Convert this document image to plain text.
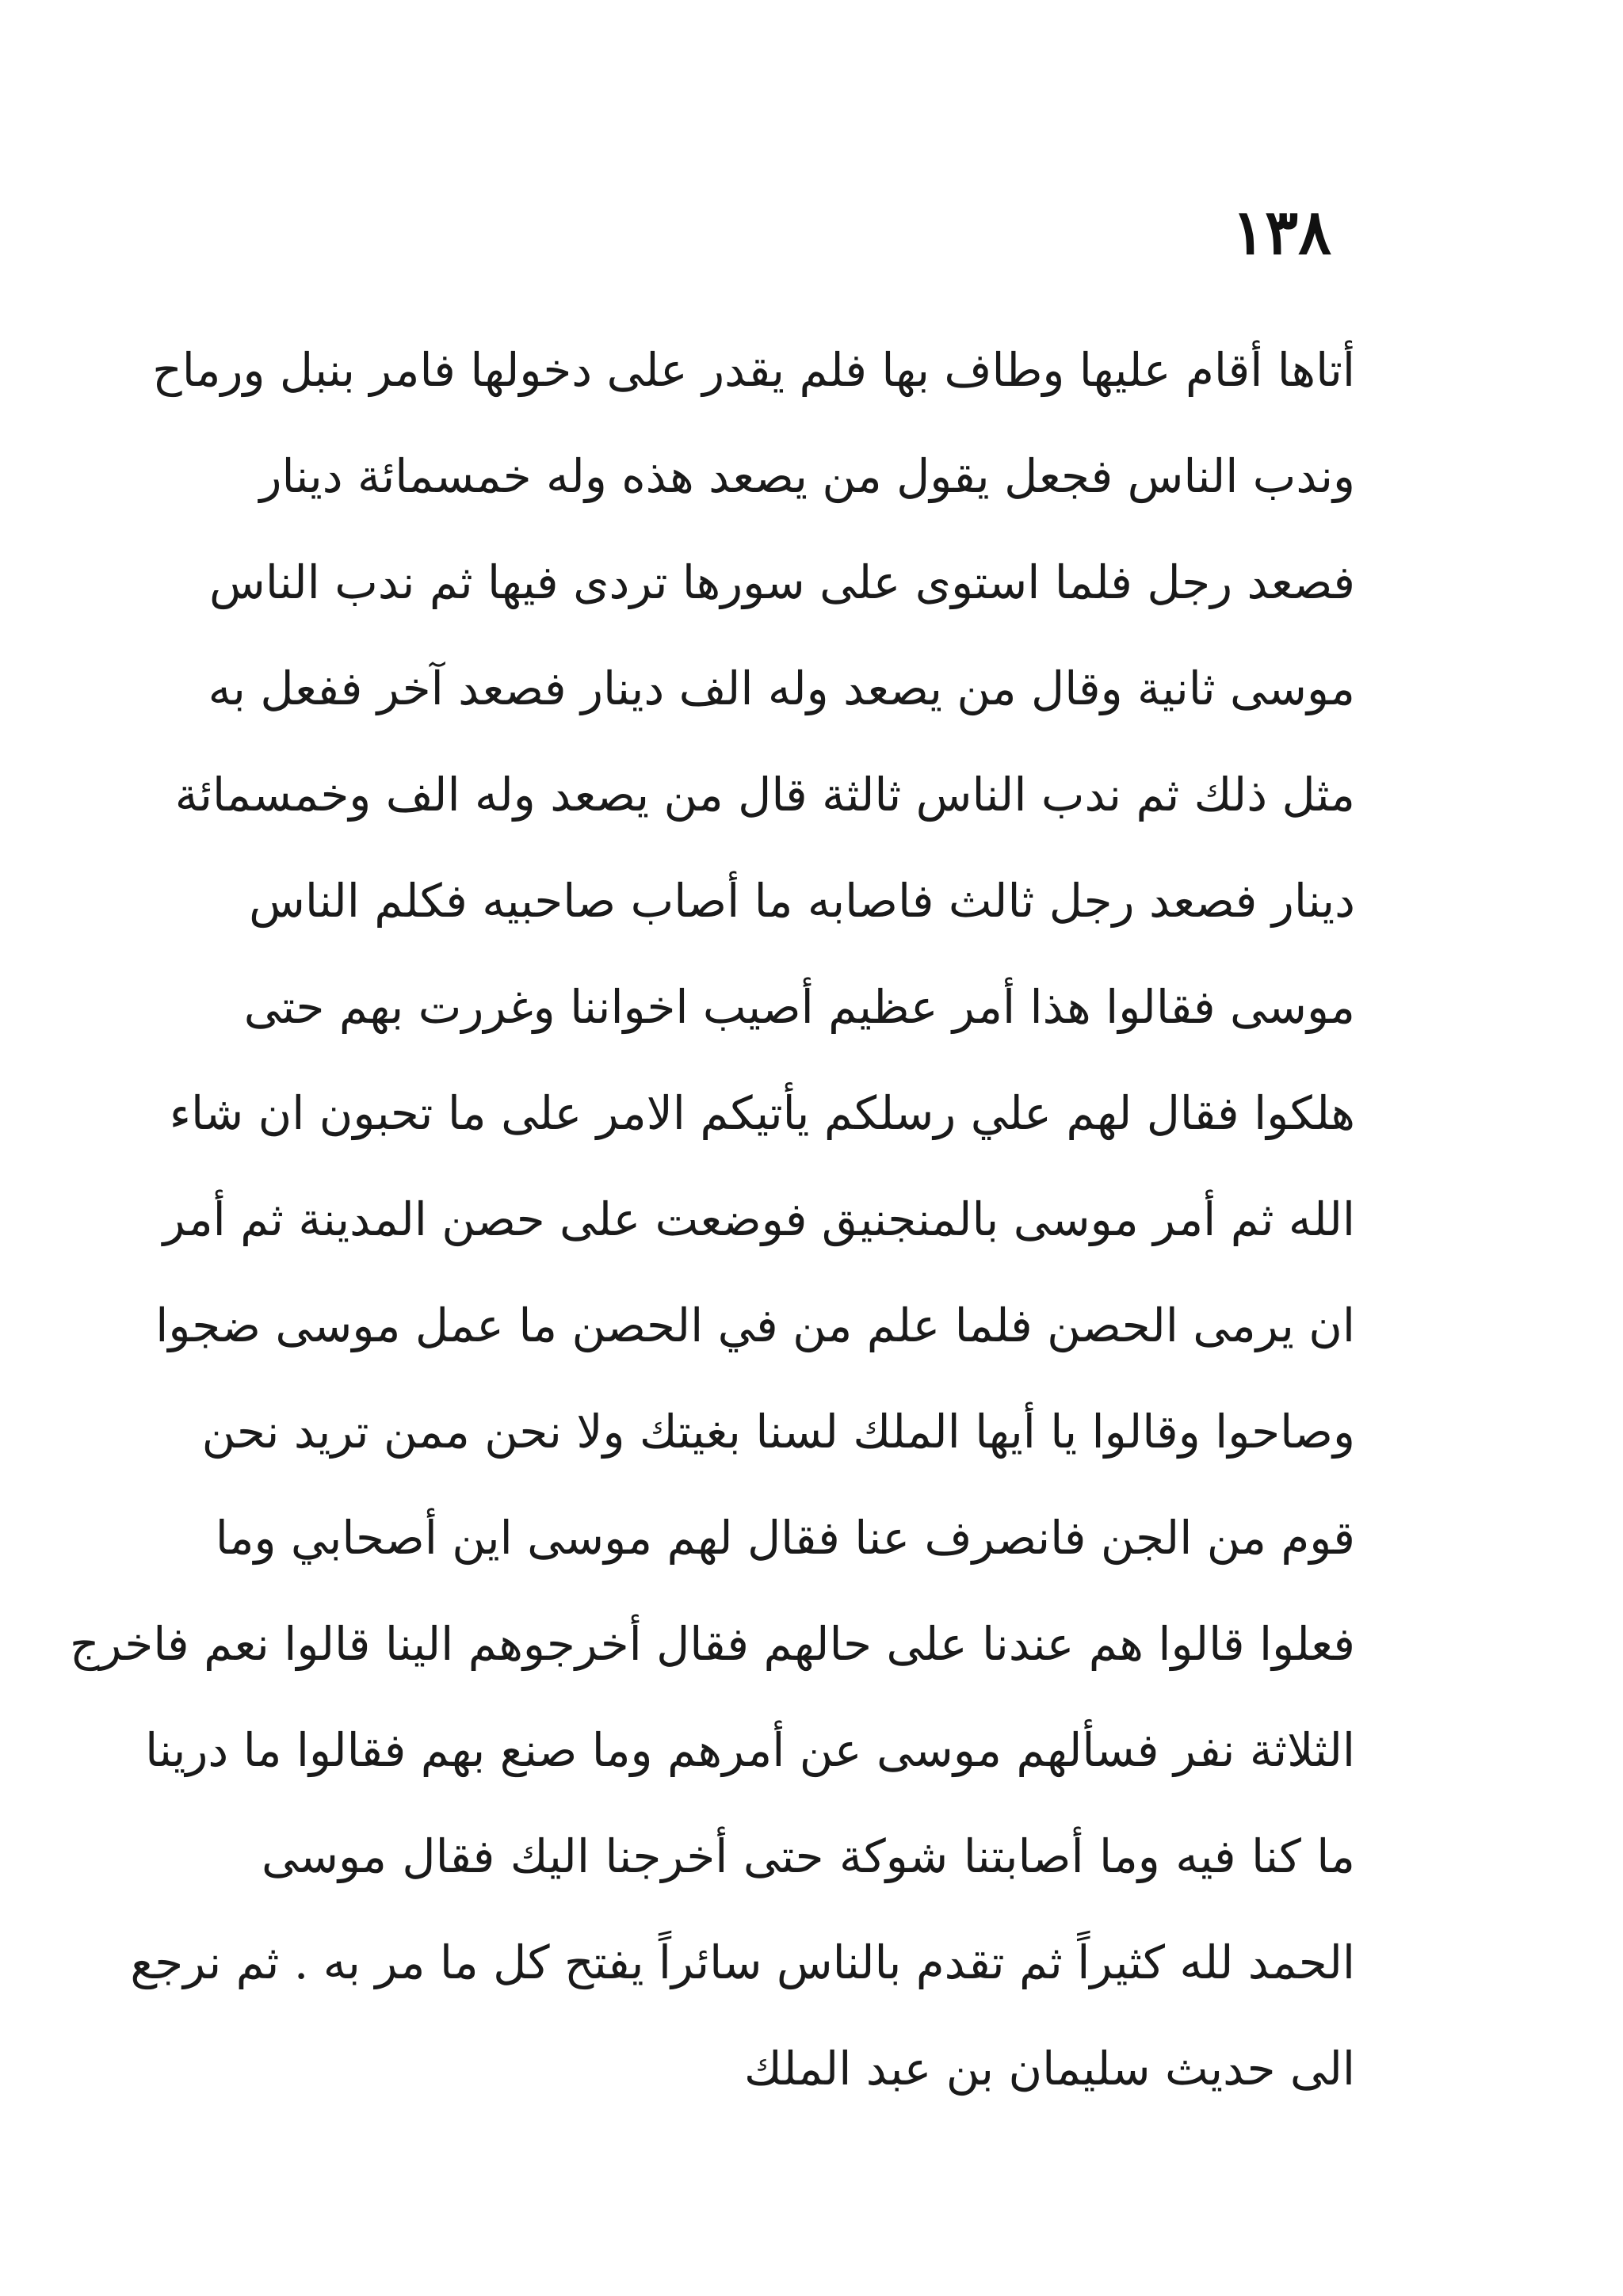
١٣٨
أتاها أقام عليها وطاف بها فلم يقدر على دخولها فامر بنبل ورماح
وندب الناس فجعل يقول من يصعد هذه وله خمسمائة دينار
فصعد رجل فلما استوى على سورها تردى فيها ثم ندب الناس
موسى ثانية وقال من يصعد وله الف دينار فصعد آخر ففعل به
مثل ذلك ثم ندب الناس ثالثة قال من يصعد وله الف وخمسمائة
دينار فصعد رجل ثالث فاصابه ما أصاب صاحبيه فكلم الناس
موسى فقالوا هذا أمر عظيم أصيب اخواننا وغررت بهم حتى
هلكوا فقال لهم علي رسلكم يأتيكم الامر على ما تحبون ان شاء
الله ثم أمر موسى بالمنجنيق فوضعت على حصن المدينة ثم أمر
ان يرمى الحصن فلما علم من في الحصن ما عمل موسى ضجوا
وصاحوا وقالوا يا أيها الملك لسنا بغيتك ولا نحن ممن تريد نحن
قوم من الجن فانصرف عنا فقال لهم موسى اين أصحابي وما
فعلوا قالوا هم عندنا على حالهم فقال أخرجوهم الينا قالوا نعم فاخرج
الثلاثة نفر فسألهم موسى عن أمرهم وما صنع بهم فقالوا ما درينا
ما كنا فيه وما أصابتنا شوكة حتى أخرجنا اليك فقال موسى
الحمد لله كثيراً ثم تقدم بالناس سائراً يفتح كل ما مر به . ثم نرجع
الى حديث سليمان بن عبد الملك
